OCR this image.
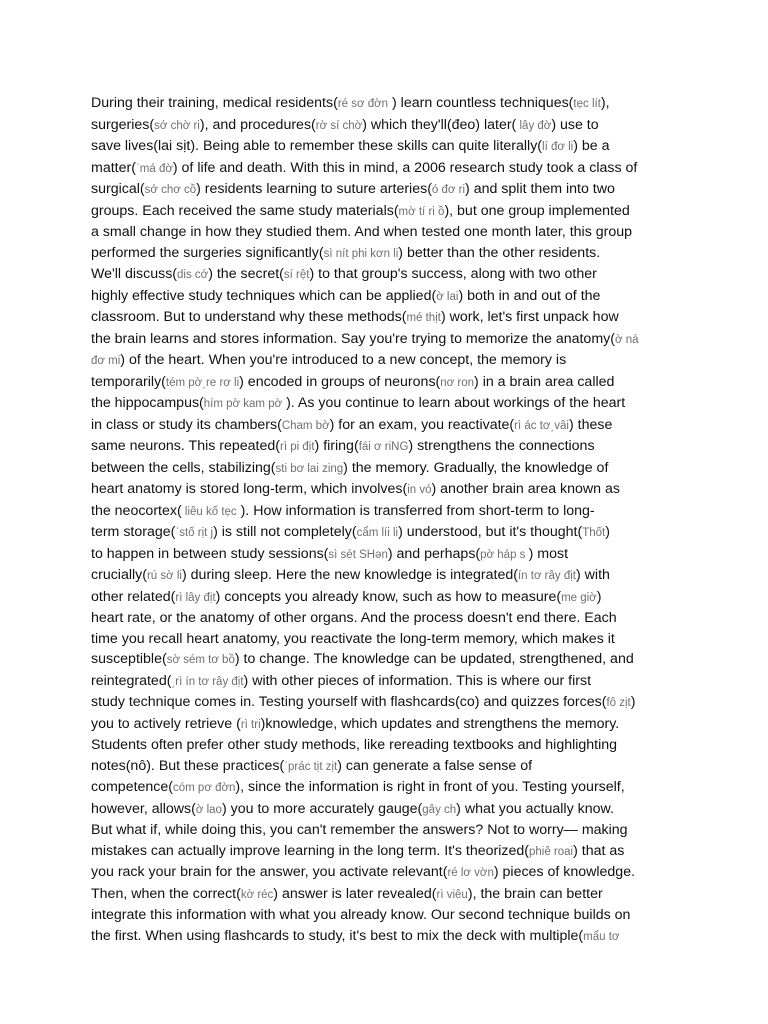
During their training, medical residents(ré sơ đờn ) learn countless techniques(tẹc lít),
surgeries(sớ chờ ri), and procedures(rờ sí chờ) which they'll(đeo) later( lây đờ) use to
save lives(lai sịt). Being able to remember these skills can quite literally(lí đơ li) be a
matter(ˈmá đờ) of life and death. With this in mind, a 2006 research study took a class of
surgical(sớ chơ cồ) residents learning to suture arteries(ó đơ ri) and split them into two
groups. Each received the same study materials(mờ tí ri ồ), but one group implemented
a small change in how they studied them. And when tested one month later, this group
performed the surgeries significantly(sì nít phi kơn li) better than the other residents.
We'll discuss(dis cớ) the secret(sí rệt) to that group's success, along with two other
highly effective study techniques which can be applied(ờ lai) both in and out of the
classroom. But to understand why these methods(mé thịt) work, let's first unpack how
the brain learns and stores information. Say you're trying to memorize the anatomy(ờ ná
đơ mi) of the heart. When you're introduced to a new concept, the memory is
temporarily(tém pờ͵re rơ li) encoded in groups of neurons(nơ ron) in a brain area called
the hippocampus(hím pờ kam pờ ). As you continue to learn about workings of the heart
in class or study its chambers(Cham bờ) for an exam, you reactivate(rì ác tơ͵vâi) these
same neurons. This repeated(rì pi địt) firing(fái ơ riNG) strengthens the connections
between the cells, stabilizing(sti bơ lai zing) the memory. Gradually, the knowledge of
heart anatomy is stored long-term, which involves(in vó) another brain area known as
the neocortex( liêu kố tẹc ). How information is transferred from short-term to long-
term storage(ˈstố rịt j) is still not completely(cẩm líi li) understood, but it's thought(Thốt)
to happen in between study sessions(sì sét SHən) and perhaps(pờ háp s ) most
crucially(rú sờ li) during sleep. Here the new knowledge is integrated(ín tơ rây địt) with
other related(rì lây địt) concepts you already know, such as how to measure(me giờ)
heart rate, or the anatomy of other organs. And the process doesn't end there. Each
time you recall heart anatomy, you reactivate the long-term memory, which makes it
susceptible(sờ sém tơ bồ) to change. The knowledge can be updated, strengthened, and
reintegrated(͵rì ín tơ rây địt) with other pieces of information. This is where our first
study technique comes in. Testing yourself with flashcards(co) and quizzes forces(fô zịt)
you to actively retrieve (rì tri)knowledge, which updates and strengthens the memory.
Students often prefer other study methods, like rereading textbooks and highlighting
notes(nô). But these practices(ˈprác tịt zịt) can generate a false sense of
competence(cóm pơ đờn), since the information is right in front of you. Testing yourself,
however, allows(ờ lao) you to more accurately gauge(gây ch) what you actually know.
But what if, while doing this, you can't remember the answers? Not to worry— making
mistakes can actually improve learning in the long term. It's theorized(phiê roai) that as
you rack your brain for the answer, you activate relevant(ré lơ vờn) pieces of knowledge.
Then, when the correct(kờ réc) answer is later revealed(rì viêu), the brain can better
integrate this information with what you already know. Our second technique builds on
the first. When using flashcards to study, it's best to mix the deck with multiple(mẩu tơ
